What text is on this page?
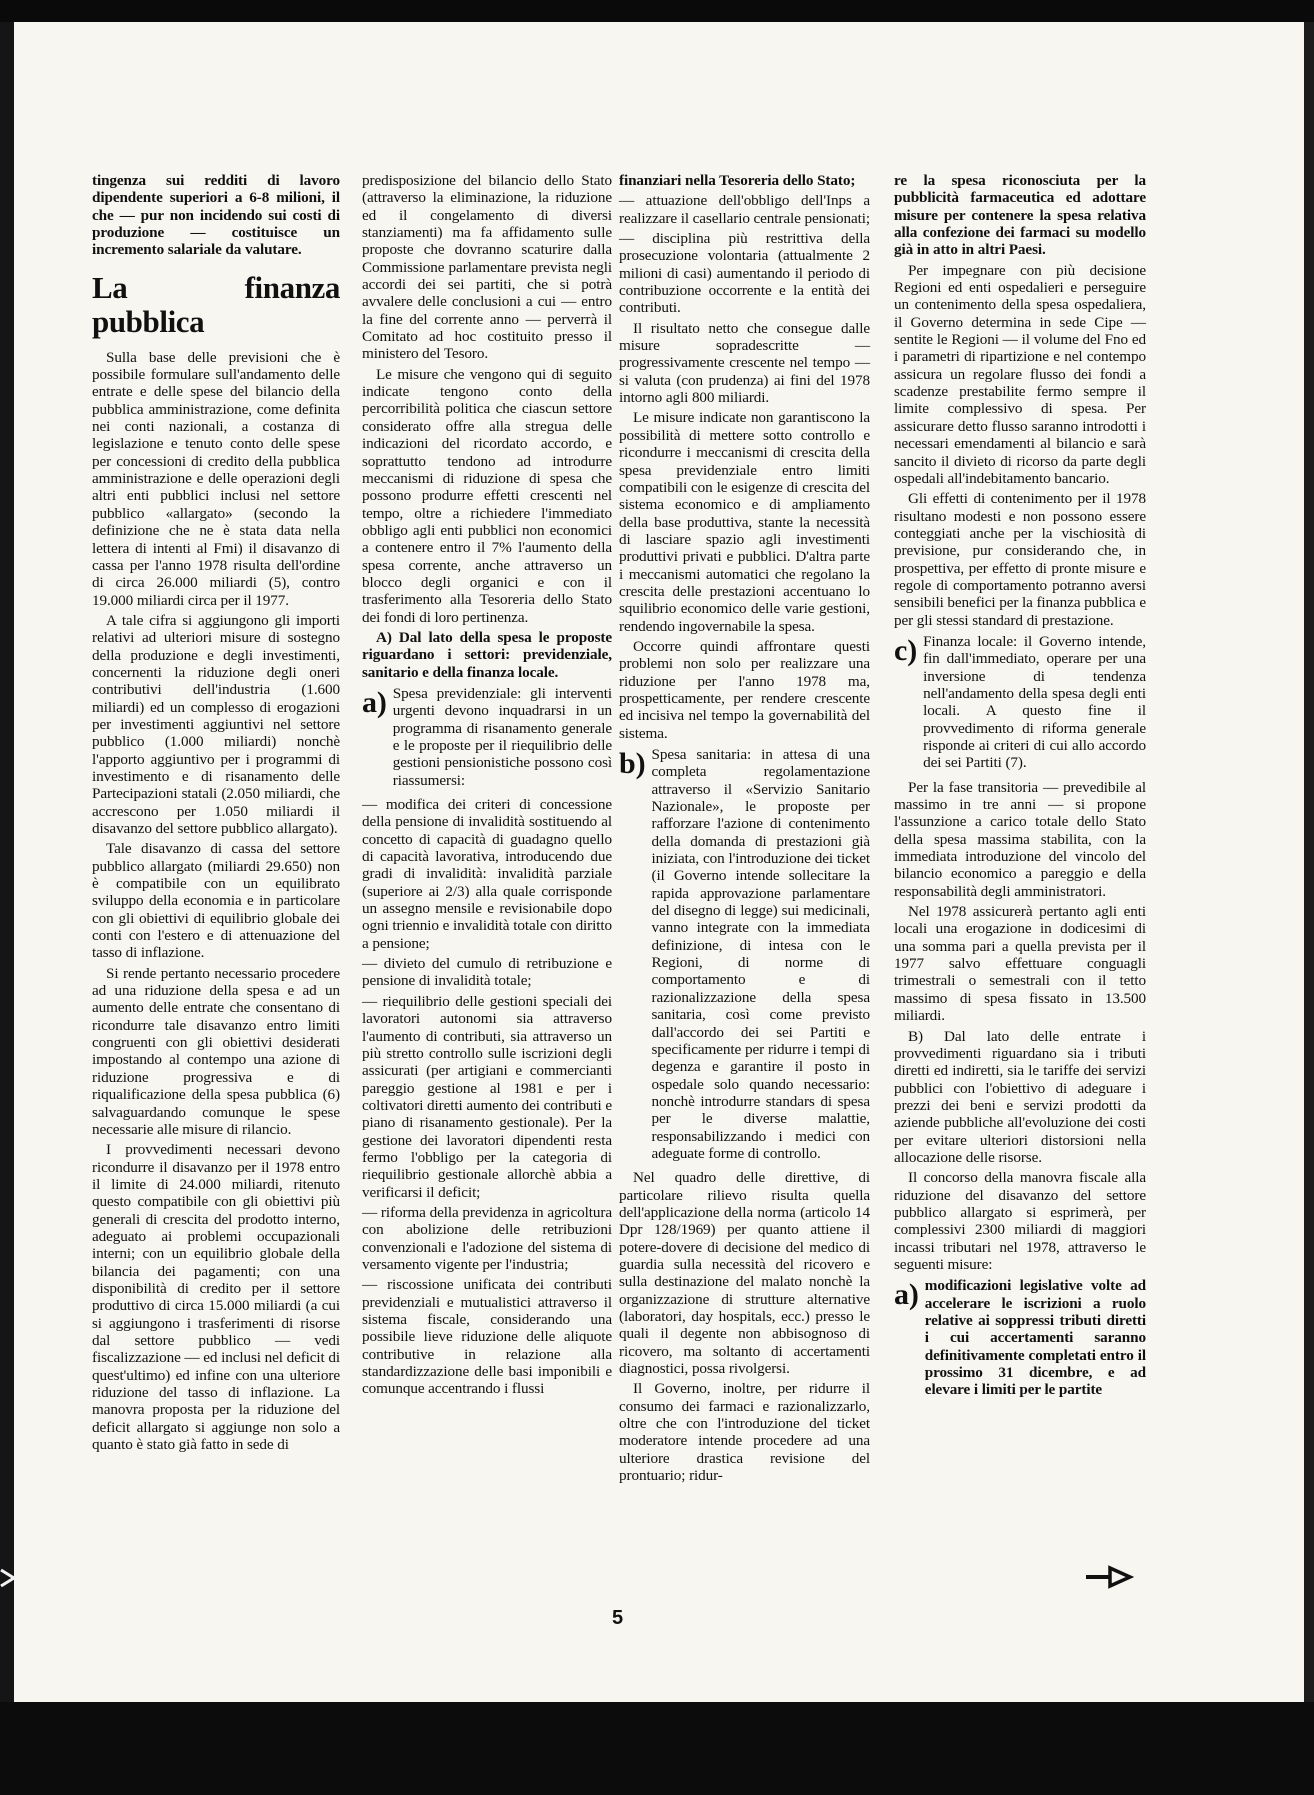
tingenza sui redditi di lavoro dipendente superiori a 6-8 milioni, il che — pur non incidendo sui costi di produzione — costituisce un incremento salariale da valutare.

La finanza pubblica

Sulla base delle previsioni che è possibile formulare sull'andamento delle entrate e delle spese del bilancio della pubblica amministrazione, come definita nei conti nazionali, a costanza di legislazione e tenuto conto delle spese per concessioni di credito della pubblica amministrazione e delle operazioni degli altri enti pubblici inclusi nel settore pubblico «allargato» (secondo la definizione che ne è stata data nella lettera di intenti al Fmi) il disavanzo di cassa per l'anno 1978 risulta dell'ordine di circa 26.000 miliardi (5), contro 19.000 miliardi circa per il 1977.

A tale cifra si aggiungono gli importi relativi ad ulteriori misure di sostegno della produzione e degli investimenti, concernenti la riduzione degli oneri contributivi dell'industria (1.600 miliardi) ed un complesso di erogazioni per investimenti aggiuntivi nel settore pubblico (1.000 miliardi) nonchè l'apporto aggiuntivo per i programmi di investimento e di risanamento delle Partecipazioni statali (2.050 miliardi, che accrescono per 1.050 miliardi il disavanzo del settore pubblico allargato).

Tale disavanzo di cassa del settore pubblico allargato (miliardi 29.650) non è compatibile con un equilibrato sviluppo della economia e in particolare con gli obiettivi di equilibrio globale dei conti con l'estero e di attenuazione del tasso di inflazione.

Si rende pertanto necessario procedere ad una riduzione della spesa e ad un aumento delle entrate che consentano di ricondurre tale disavanzo entro limiti congruenti con gli obiettivi desiderati impostando al contempo una azione di riduzione progressiva e di riqualificazione della spesa pubblica (6) salvaguardando comunque le spese necessarie alle misure di rilancio.

I provvedimenti necessari devono ricondurre il disavanzo per il 1978 entro il limite di 24.000 miliardi, ritenuto questo compatibile con gli obiettivi più generali di crescita del prodotto interno, adeguato ai problemi occupazionali interni; con un equilibrio globale della bilancia dei pagamenti; con una disponibilità di credito per il settore produttivo di circa 15.000 miliardi (a cui si aggiungono i trasferimenti di risorse dal settore pubblico — vedi fiscalizzazione — ed inclusi nel deficit di quest'ultimo) ed infine con una ulteriore riduzione del tasso di inflazione. La manovra proposta per la riduzione del deficit allargato si aggiunge non solo a quanto è stato già fatto in sede di

predisposizione del bilancio dello Stato (attraverso la eliminazione, la riduzione ed il congelamento di diversi stanziamenti) ma fa affidamento sulle proposte che dovranno scaturire dalla Commissione parlamentare prevista negli accordi dei sei partiti, che si potrà avvalere delle conclusioni a cui — entro la fine del corrente anno — perverrà il Comitato ad hoc costituito presso il ministero del Tesoro.

Le misure che vengono qui di seguito indicate tengono conto della percorribilità politica che ciascun settore considerato offre alla stregua delle indicazioni del ricordato accordo, e soprattutto tendono ad introdurre meccanismi di riduzione di spesa che possono produrre effetti crescenti nel tempo, oltre a richiedere l'immediato obbligo agli enti pubblici non economici a contenere entro il 7% l'aumento della spesa corrente, anche attraverso un blocco degli organici e con il trasferimento alla Tesoreria dello Stato dei fondi di loro pertinenza.

A) Dal lato della spesa le proposte riguardano i settori: previdenziale, sanitario e della finanza locale.

a) Spesa previdenziale: gli interventi urgenti devono inquadrarsi in un programma di risanamento generale e le proposte per il riequilibrio delle gestioni pensionistiche possono così riassumersi:

— modifica dei criteri di concessione della pensione di invalidità sostituendo al concetto di capacità di guadagno quello di capacità lavorativa, introducendo due gradi di invalidità: invalidità parziale (superiore ai 2/3) alla quale corrisponde un assegno mensile e revisionabile dopo ogni triennio e invalidità totale con diritto a pensione;

— divieto del cumulo di retribuzione e pensione di invalidità totale;

— riequilibrio delle gestioni speciali dei lavoratori autonomi sia attraverso l'aumento di contributi, sia attraverso un più stretto controllo sulle iscrizioni degli assicurati (per artigiani e commercianti pareggio gestione al 1981 e per i coltivatori diretti aumento dei contributi e piano di risanamento gestionale). Per la gestione dei lavoratori dipendenti resta fermo l'obbligo per la categoria di riequilibrio gestionale allorchè abbia a verificarsi il deficit;

— riforma della previdenza in agricoltura con abolizione delle retribuzioni convenzionali e l'adozione del sistema di versamento vigente per l'industria;

— riscossione unificata dei contributi previdenziali e mutualistici attraverso il sistema fiscale, considerando una possibile lieve riduzione delle aliquote contributive in relazione alla standardizzazione delle basi imponibili e comunque accentrando i flussi

finanziari nella Tesoreria dello Stato;

— attuazione dell'obbligo dell'Inps a realizzare il casellario centrale pensionati;

— disciplina più restrittiva della prosecuzione volontaria (attualmente 2 milioni di casi) aumentando il periodo di contribuzione occorrente e la entità dei contributi.

Il risultato netto che consegue dalle misure sopradescritte — progressivamente crescente nel tempo — si valuta (con prudenza) ai fini del 1978 intorno agli 800 miliardi.

Le misure indicate non garantiscono la possibilità di mettere sotto controllo e ricondurre i meccanismi di crescita della spesa previdenziale entro limiti compatibili con le esigenze di crescita del sistema economico e di ampliamento della base produttiva, stante la necessità di lasciare spazio agli investimenti produttivi privati e pubblici. D'altra parte i meccanismi automatici che regolano la crescita delle prestazioni accentuano lo squilibrio economico delle varie gestioni, rendendo ingovernabile la spesa.

Occorre quindi affrontare questi problemi non solo per realizzare una riduzione per l'anno 1978 ma, prospetticamente, per rendere crescente ed incisiva nel tempo la governabilità del sistema.

b) Spesa sanitaria: in attesa di una completa regolamentazione attraverso il «Servizio Sanitario Nazionale», le proposte per rafforzare l'azione di contenimento della domanda di prestazioni già iniziata, con l'introduzione dei ticket (il Governo intende sollecitare la rapida approvazione parlamentare del disegno di legge) sui medicinali, vanno integrate con la immediata definizione, di intesa con le Regioni, di norme di comportamento e di razionalizzazione della spesa sanitaria, così come previsto dall'accordo dei sei Partiti e specificamente per ridurre i tempi di degenza e garantire il posto in ospedale solo quando necessario: nonchè introdurre standars di spesa per le diverse malattie, responsabilizzando i medici con adeguate forme di controllo.

Nel quadro delle direttive, di particolare rilievo risulta quella dell'applicazione della norma (articolo 14 Dpr 128/1969) per quanto attiene il potere-dovere di decisione del medico di guardia sulla necessità del ricovero e sulla destinazione del malato nonchè la organizzazione di strutture alternative (laboratori, day hospitals, ecc.) presso le quali il degente non abbisognoso di ricovero, ma soltanto di accertamenti diagnostici, possa rivolgersi.

Il Governo, inoltre, per ridurre il consumo dei farmaci e razionalizzarlo, oltre che con l'introduzione del ticket moderatore intende procedere ad una ulteriore drastica revisione del prontuario; ridur-

re la spesa riconosciuta per la pubblicità farmaceutica ed adottare misure per contenere la spesa relativa alla confezione dei farmaci su modello già in atto in altri Paesi.

Per impegnare con più decisione Regioni ed enti ospedalieri e perseguire un contenimento della spesa ospedaliera, il Governo determina in sede Cipe — sentite le Regioni — il volume del Fno ed i parametri di ripartizione e nel contempo assicura un regolare flusso dei fondi a scadenze prestabilite fermo sempre il limite complessivo di spesa. Per assicurare detto flusso saranno introdotti i necessari emendamenti al bilancio e sarà sancito il divieto di ricorso da parte degli ospedali all'indebitamento bancario.

Gli effetti di contenimento per il 1978 risultano modesti e non possono essere conteggiati anche per la vischiosità di previsione, pur considerando che, in prospettiva, per effetto di pronte misure e regole di comportamento potranno aversi sensibili benefici per la finanza pubblica e per gli stessi standard di prestazione.

c) Finanza locale: il Governo intende, fin dall'immediato, operare per una inversione di tendenza nell'andamento della spesa degli enti locali. A questo fine il provvedimento di riforma generale risponde ai criteri di cui allo accordo dei sei Partiti (7).

Per la fase transitoria — prevedibile al massimo in tre anni — si propone l'assunzione a carico totale dello Stato della spesa massima stabilita, con la immediata introduzione del vincolo del bilancio economico a pareggio e della responsabilità degli amministratori.

Nel 1978 assicurerà pertanto agli enti locali una erogazione in dodicesimi di una somma pari a quella prevista per il 1977 salvo effettuare conguagli trimestrali o semestrali con il tetto massimo di spesa fissato in 13.500 miliardi.

B) Dal lato delle entrate i provvedimenti riguardano sia i tributi diretti ed indiretti, sia le tariffe dei servizi pubblici con l'obiettivo di adeguare i prezzi dei beni e servizi prodotti da aziende pubbliche all'evoluzione dei costi per evitare ulteriori distorsioni nella allocazione delle risorse.

Il concorso della manovra fiscale alla riduzione del disavanzo del settore pubblico allargato si esprimerà, per complessivi 2300 miliardi di maggiori incassi tributari nel 1978, attraverso le seguenti misure:

a) modificazioni legislative volte ad accelerare le iscrizioni a ruolo relative ai soppressi tributi diretti i cui accertamenti saranno definitivamente completati entro il prossimo 31 dicembre, e ad elevare i limiti per le partite

5
